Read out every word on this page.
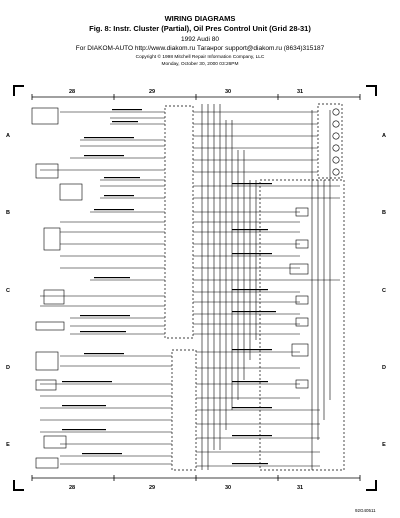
WIRING DIAGRAMS
Fig. 8: Instr. Cluster (Partial), Oil Pres Control Unit (Grid 28-31)
1992 Audi 80
For DIAKOM-AUTO http://www.diakom.ru Таганрог support@diakom.ru (8634)315187
Copyright © 1998 Mitchell Repair Information Company, LLC
Monday, October 30, 2000 03:26PM
28	29	30	31
28	29	30	31
A
B
C
D
E
A
B
C
D
E
92G40511
